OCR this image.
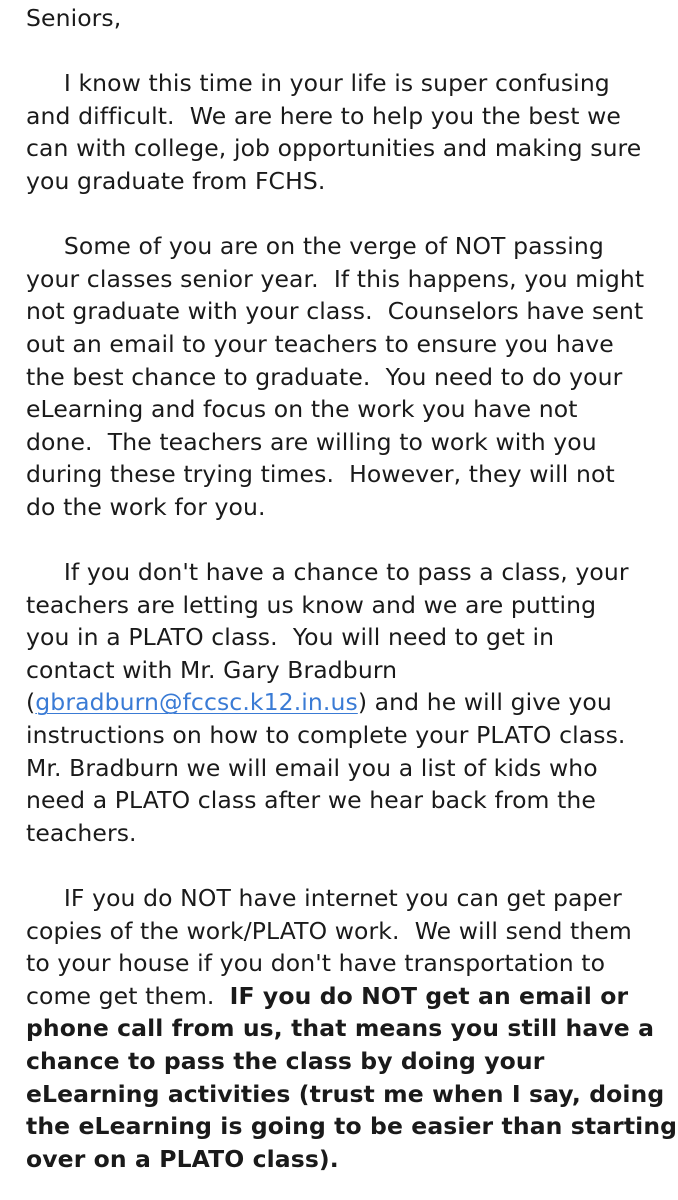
Seniors,
I know this time in your life is super confusing
and difficult.  We are here to help you the best we
can with college, job opportunities and making sure
you graduate from FCHS.
Some of you are on the verge of NOT passing
your classes senior year.  If this happens, you might
not graduate with your class.  Counselors have sent
out an email to your teachers to ensure you have
the best chance to graduate.  You need to do your
eLearning and focus on the work you have not
done.  The teachers are willing to work with you
during these trying times.  However, they will not
do the work for you.
If you don't have a chance to pass a class, your
teachers are letting us know and we are putting
you in a PLATO class.  You will need to get in
contact with Mr. Gary Bradburn
(gbradburn@fccsc.k12.in.us) and he will give you
instructions on how to complete your PLATO class.
Mr. Bradburn we will email you a list of kids who
need a PLATO class after we hear back from the
teachers.
IF you do NOT have internet you can get paper
copies of the work/PLATO work.  We will send them
to your house if you don't have transportation to
come get them.  IF you do NOT get an email or
phone call from us, that means you still have a
chance to pass the class by doing your
eLearning activities (trust me when I say, doing
the eLearning is going to be easier than starting
over on a PLATO class).
